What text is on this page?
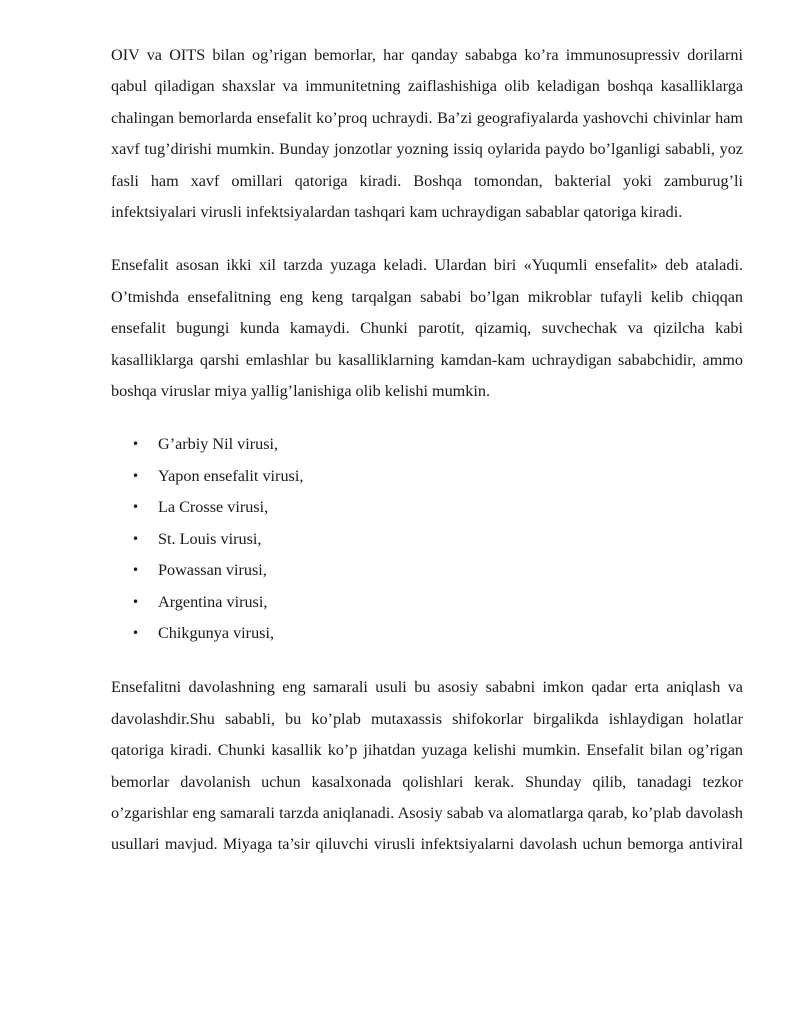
OIV va OITS bilan og’rigan bemorlar, har qanday sababga ko’ra immunosupressiv dorilarni qabul qiladigan shaxslar va immunitetning zaiflashishiga olib keladigan boshqa kasalliklarga chalingan bemorlarda ensefalit ko’proq uchraydi. Ba’zi geografiyalarda yashovchi chivinlar ham xavf tug’dirishi mumkin. Bunday jonzotlar yozning issiq oylarida paydo bo’lganligi sababli, yoz fasli ham xavf omillari qatoriga kiradi. Boshqa tomondan, bakterial yoki zamburug’li infektsiyalari virusli infektsiyalardan tashqari kam uchraydigan sabablar qatoriga kiradi.

Ensefalit asosan ikki xil tarzda yuzaga keladi. Ulardan biri «Yuqumli ensefalit» deb ataladi. O’tmishda ensefalitning eng keng tarqalgan sababi bo’lgan mikroblar tufayli kelib chiqqan ensefalit bugungi kunda kamaydi. Chunki parotit, qizamiq, suvchechak va qizilcha kabi kasalliklarga qarshi emlashlar bu kasalliklarning kamdan-kam uchraydigan sababchidir, ammo boshqa viruslar miya yallig’lanishiga olib kelishi mumkin.

• G’arbiy Nil virusi,
• Yapon ensefalit virusi,
• La Crosse virusi,
• St. Louis virusi,
• Powassan virusi,
• Argentina virusi,
• Chikgunya virusi,

Ensefalitni davolashning eng samarali usuli bu asosiy sababni imkon qadar erta aniqlash va davolashdir.Shu sababli, bu ko’plab mutaxassis shifokorlar birgalikda ishlaydigan holatlar qatoriga kiradi. Chunki kasallik ko’p jihatdan yuzaga kelishi mumkin. Ensefalit bilan og’rigan bemorlar davolanish uchun kasalxonada qolishlari kerak. Shunday qilib, tanadagi tezkor o’zgarishlar eng samarali tarzda aniqlanadi. Asosiy sabab va alomatlarga qarab, ko’plab davolash usullari mavjud. Miyaga ta’sir qiluvchi virusli infektsiyalarni davolash uchun bemorga antiviral
